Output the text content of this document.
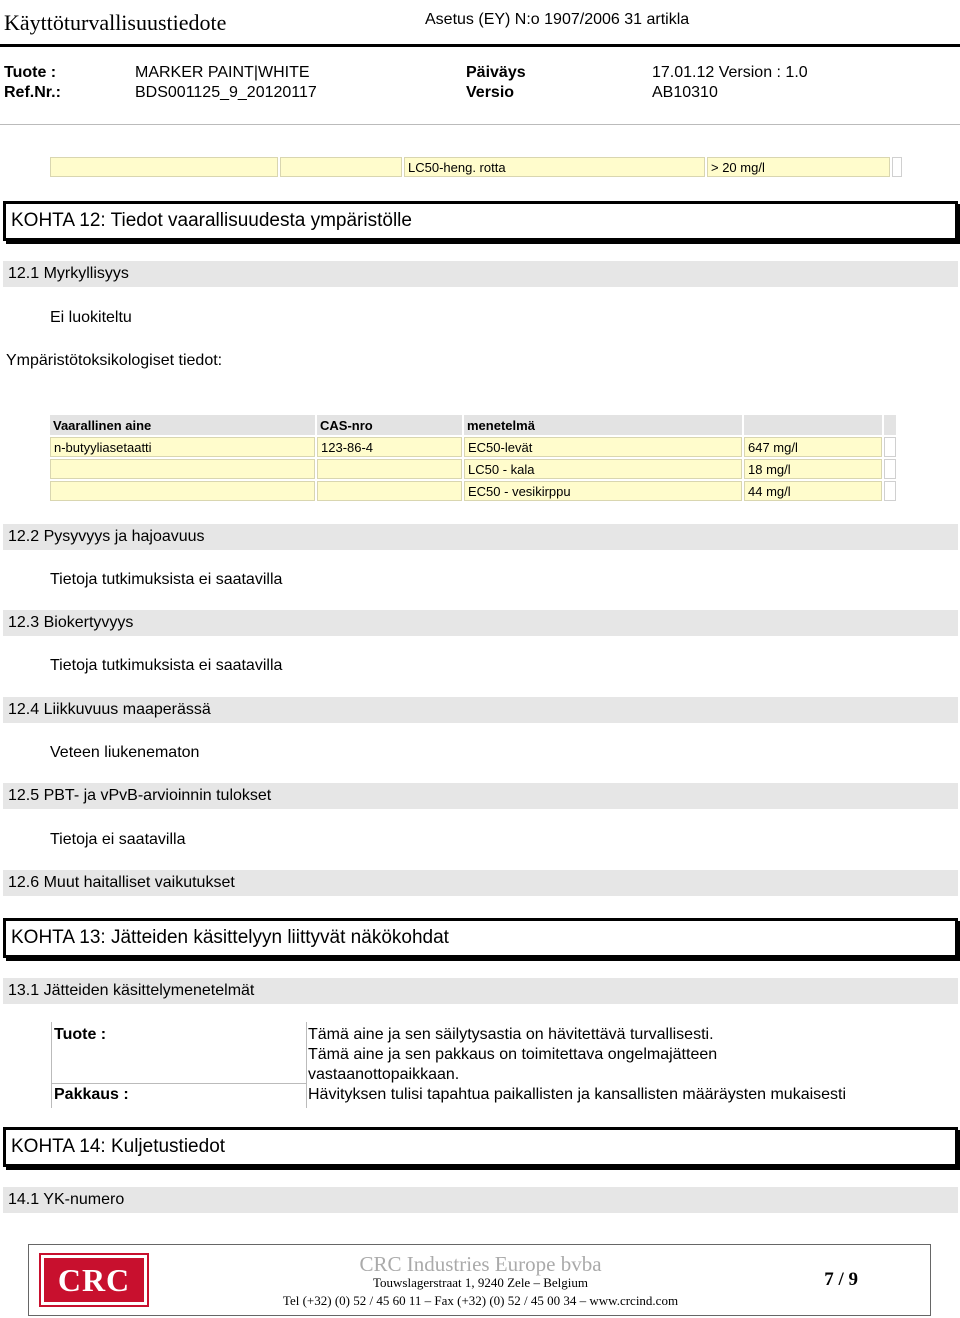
Käyttöturvallisuustiedote	Asetus (EY) N:o 1907/2006 31 artikla
Tuote :	MARKER PAINT|WHITE	Päiväys	17.01.12 Version : 1.0
Ref.Nr.:	BDS001125_9_20120117	Versio	AB10310
		LC50-heng. rotta	> 20 mg/l	
KOHTA 12: Tiedot vaarallisuudesta ympäristölle
12.1 Myrkyllisyys
Ei luokiteltu
Ympäristötoksikologiset tiedot:
Vaarallinen aine	CAS-nro	menetelmä		
n-butyyliasetaatti	123-86-4	EC50-levät	647 mg/l	
		LC50 - kala	18 mg/l	
		EC50 - vesikirppu	44 mg/l	
12.2 Pysyvyys ja hajoavuus
Tietoja tutkimuksista ei saatavilla
12.3 Biokertyvyys
Tietoja tutkimuksista ei saatavilla
12.4 Liikkuvuus maaperässä
Veteen liukenematon
12.5 PBT- ja vPvB-arvioinnin tulokset
Tietoja ei saatavilla
12.6 Muut haitalliset vaikutukset
KOHTA 13: Jätteiden käsittelyyn liittyvät näkökohdat
13.1 Jätteiden käsittelymenetelmät
Tuote :	Tämä aine ja sen säilytysastia on hävitettävä turvallisesti.
Tämä aine ja sen pakkaus on toimitettava ongelmajätteen
vastaanottopaikkaan.
Pakkaus :	Hävityksen tulisi tapahtua paikallisten ja kansallisten määräysten mukaisesti
KOHTA 14: Kuljetustiedot
14.1 YK-numero
CRC	CRC Industries Europe bvba
Touwslagerstraat 1, 9240 Zele – Belgium
Tel (+32) (0) 52 / 45 60 11 – Fax (+32) (0) 52 / 45 00 34 – www.crcind.com
7 / 9
